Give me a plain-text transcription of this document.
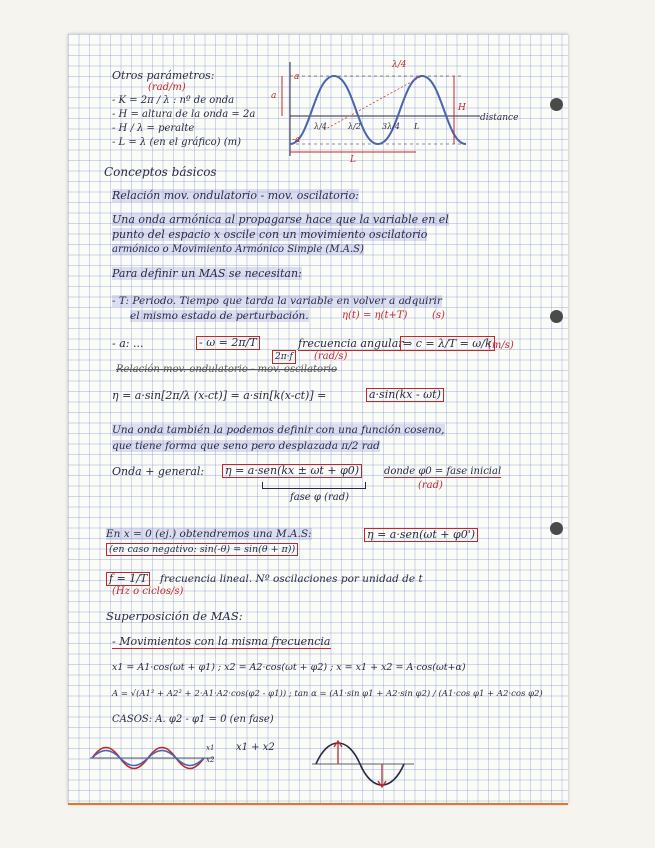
Otros parámetros:
(rad/m)
- K = 2π / λ : nº de onda
- H = altura de la onda = 2a
- H / λ = peralte
- L = λ (en el gráfico) (m)
λ/4
a
-a
a
H
λ/4	λ/2	3λ/4 L
L
distance
Conceptos básicos
Relación mov. ondulatorio - mov. oscilatorio:
Una onda armónica al propagarse hace que la variable en el
punto del espacio x oscile con un movimiento oscilatorio
armónico o Movimiento Armónico Simple (M.A.S)
Para definir un MAS se necesitan:
- T: Periodo. Tiempo que tarda la variable en volver a adquirir
el mismo estado de perturbación.	η(t) = η(t+T) (s)
- a: ...	- ω = 2π/T	frecuencia angular
2π·f	(rad/s)
⇒ c = λ/T = ω/k
(m/s)
Relación mov. ondulatorio - mov. oscilatorio
η = a·sin[2π/λ (x-ct)] = a·sin[k(x-ct)] =	a·sin(kx - ωt)
Una onda también la podemos definir con una función coseno,
que tiene forma que seno pero desplazada π/2 rad
Onda + general: η = a·sen(kx ± ωt + φ0)	donde φ0 = fase inicial
(rad)
fase φ (rad)
En x = 0 (ej.) obtendremos una M.A.S:	η = a·sen(ωt + φ0')
(en caso negativo: sin(-θ) = sin(θ + π))
f = 1/T frecuencia lineal. Nº oscilaciones por unidad de t
(Hz o ciclos/s)
Superposición de MAS:
- Movimientos con la misma frecuencia
x1 = A1·cos(ωt + φ1) ; x2 = A2·cos(ωt + φ2) ; x = x1 + x2 = A·cos(ωt+α)
A = √(A1² + A2² + 2·A1·A2·cos(φ2 - φ1)) ; tan α = (A1·sin φ1 + A2·sin φ2) / (A1·cos φ1 + A2·cos φ2)
CASOS: A. φ2 - φ1 = 0 (en fase)
x1
x2
x1 + x2
